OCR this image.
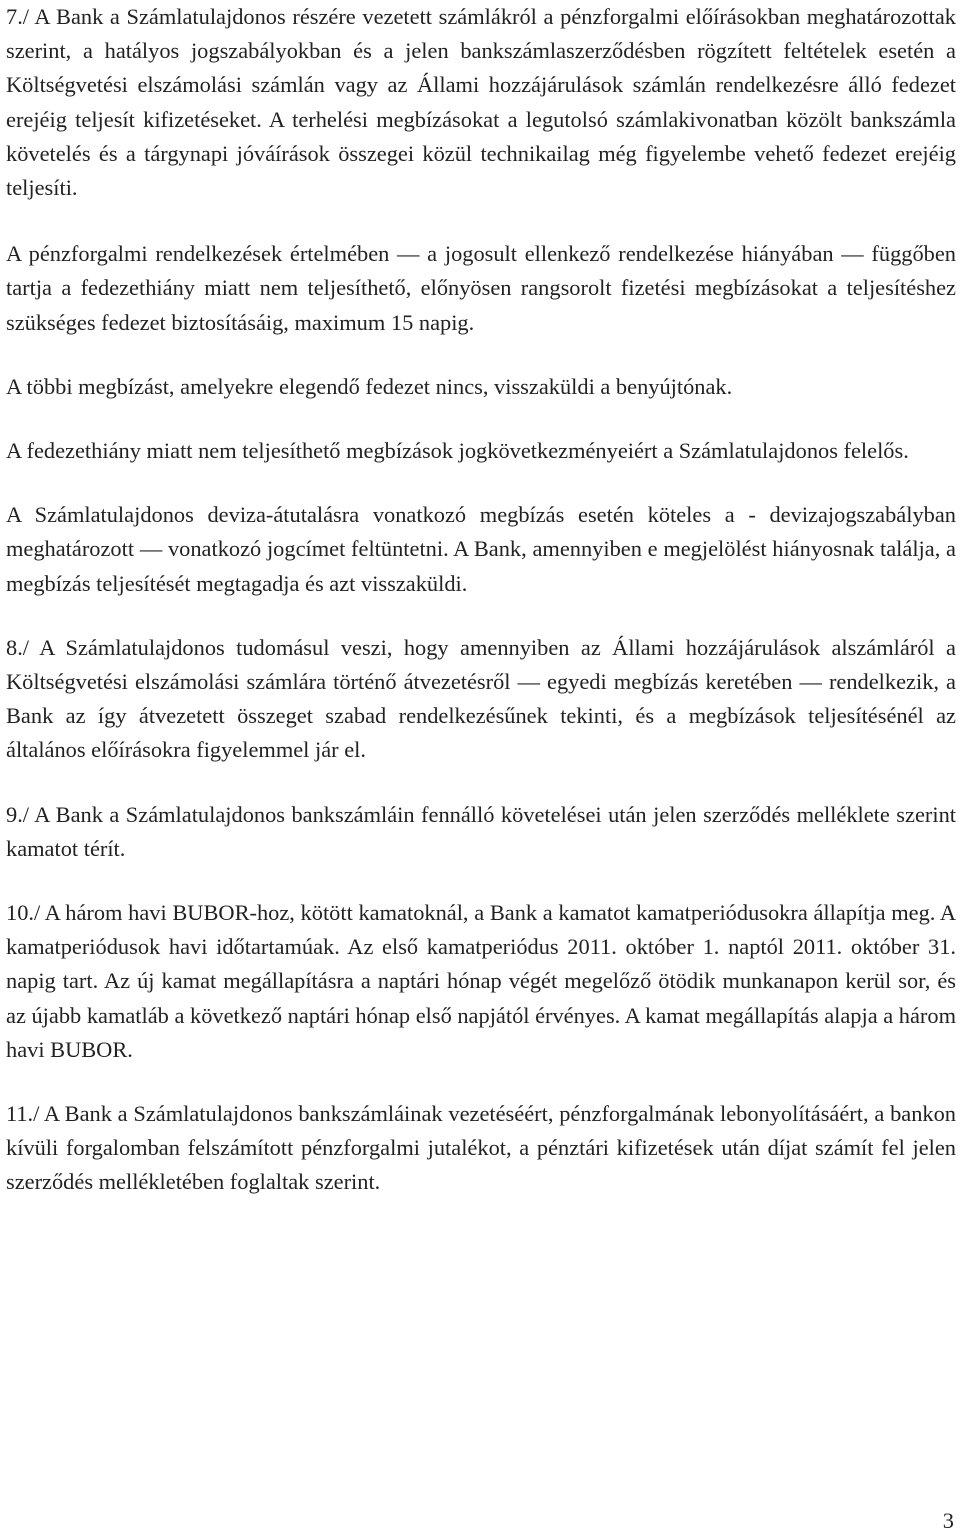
7./ A Bank a Számlatulajdonos részére vezetett számlákról a pénzforgalmi előírásokban meghatározottak szerint, a hatályos jogszabályokban és a jelen bankszámlaszerződésben rögzített feltételek esetén a Költségvetési elszámolási számlán vagy az Állami hozzájárulások számlán rendelkezésre álló fedezet erejéig teljesít kifizetéseket. A terhelési megbízásokat a legutolsó számlakivonatban közölt bankszámla követelés és a tárgynapi jóváírások összegei közül technikailag még figyelembe vehető fedezet erejéig teljesíti.

A pénzforgalmi rendelkezések értelmében — a jogosult ellenkező rendelkezése hiányában — függőben tartja a fedezethiány miatt nem teljesíthető, előnyösen rangsorolt fizetési megbízásokat a teljesítéshez szükséges fedezet biztosításáig, maximum 15 napig.

A többi megbízást, amelyekre elegendő fedezet nincs, visszaküldi a benyújtónak.

A fedezethiány miatt nem teljesíthető megbízások jogkövetkezményeiért a Számlatulajdonos felelős.

A Számlatulajdonos deviza-átutalásra vonatkozó megbízás esetén köteles a - devizajogszabályban meghatározott — vonatkozó jogcímet feltüntetni. A Bank, amennyiben e megjelölést hiányosnak találja, a megbízás teljesítését megtagadja és azt visszaküldi.

8./ A Számlatulajdonos tudomásul veszi, hogy amennyiben az Állami hozzájárulások alszámláról a Költségvetési elszámolási számlára történő átvezetésről — egyedi megbízás keretében — rendelkezik, a Bank az így átvezetett összeget szabad rendelkezésűnek tekinti, és a megbízások teljesítésénél az általános előírásokra figyelemmel jár el.

9./ A Bank a Számlatulajdonos bankszámláin fennálló követelései után jelen szerződés melléklete szerint kamatot térít.

10./ A három havi BUBOR-hoz, kötött kamatoknál, a Bank a kamatot kamatperiódusokra állapítja meg. A kamatperiódusok havi időtartamúak. Az első kamatperiódus 2011. október 1. naptól 2011. október 31. napig tart. Az új kamat megállapításra a naptári hónap végét megelőző ötödik munkanapon kerül sor, és az újabb kamatláb a következő naptári hónap első napjától érvényes. A kamat megállapítás alapja a három havi BUBOR.

11./ A Bank a Számlatulajdonos bankszámláinak vezetéséért, pénzforgalmának lebonyolításáért, a bankon kívüli forgalomban felszámított pénzforgalmi jutalékot, a pénztári kifizetések után díjat számít fel jelen szerződés mellékletében foglaltak szerint.

3
